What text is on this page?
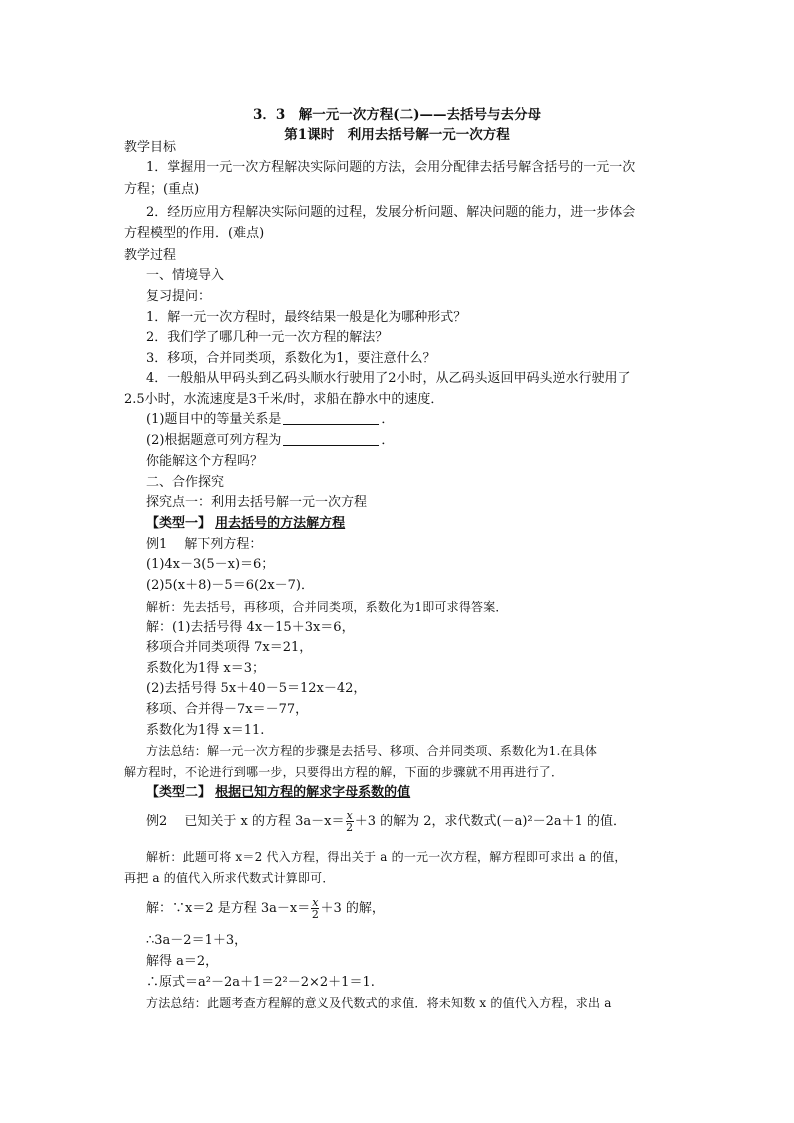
3．3　解一元一次方程(二)——去括号与去分母
第1课时　利用去括号解一元一次方程
教学目标
1．掌握用一元一次方程解决实际问题的方法，会用分配律去括号解含括号的一元一次
方程；(重点)
2．经历应用方程解决实际问题的过程，发展分析问题、解决问题的能力，进一步体会
方程模型的作用．(难点)
教学过程
一、情境导入
复习提问：
1．解一元一次方程时，最终结果一般是化为哪种形式？
2．我们学了哪几种一元一次方程的解法？
3．移项，合并同类项，系数化为1，要注意什么？
4．一般船从甲码头到乙码头顺水行驶用了2小时，从乙码头返回甲码头逆水行驶用了
2.5小时，水流速度是3千米/时，求船在静水中的速度．
(1)题目中的等量关系是	．
(2)根据题意可列方程为	．
你能解这个方程吗？
二、合作探究
探究点一：利用去括号解一元一次方程
【类型一】 用去括号的方法解方程
例1　 解下列方程：
(1)4x－3(5－x)＝6；
(2)5(x＋8)－5＝6(2x－7)．
解析：先去括号，再移项，合并同类项，系数化为1即可求得答案．
解：(1)去括号得 4x－15＋3x＝6，
移项合并同类项得 7x＝21，
系数化为1得 x＝3；
(2)去括号得 5x＋40－5＝12x－42，
移项、合并得－7x＝－77，
系数化为1得 x＝11.
方法总结：解一元一次方程的步骤是去括号、移项、合并同类项、系数化为1.在具体
解方程时，不论进行到哪一步，只要得出方程的解，下面的步骤就不用再进行了．
【类型二】 根据已知方程的解求字母系数的值
例2　 已知关于 x 的方程 $3a-x= \frac{x}{2} +3$ 的解为 2，求代数式(－a)²－2a＋1 的值．
解析：此题可将 x＝2 代入方程，得出关于 a 的一元一次方程，解方程即可求出 a 的值，
再把 a 的值代入所求代数式计算即可．
解：∵x＝2 是方程 $3a-x= \frac{x}{2} +3$ 的解，
∴3a－2＝1＋3，
解得 a＝2，
∴原式＝a²－2a＋1＝2²－2×2＋1＝1.
方法总结：此题考查方程解的意义及代数式的求值．将未知数 x 的值代入方程，求出 a
